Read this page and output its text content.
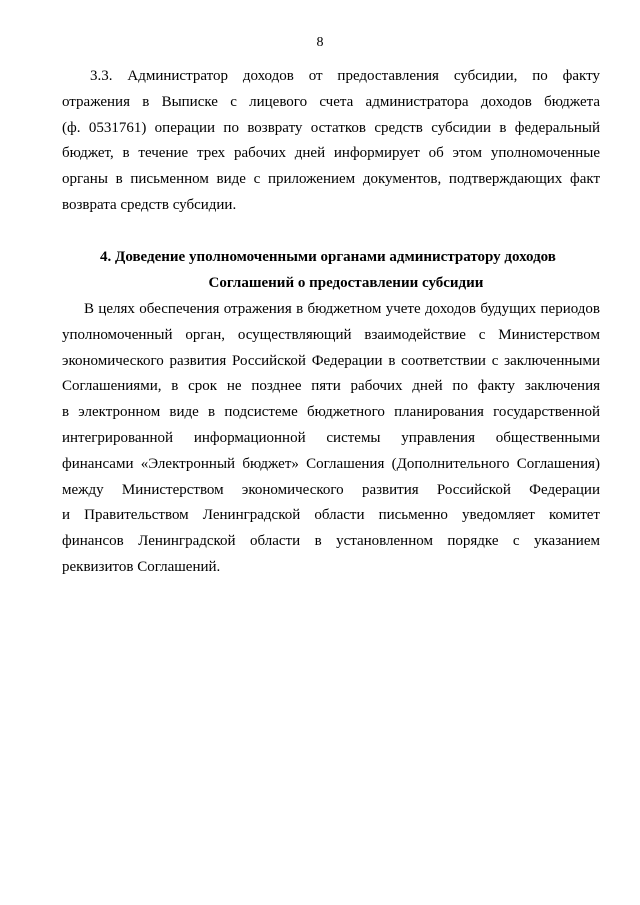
8
3.3. Администратор доходов от предоставления субсидии, по факту
отражения в Выписке с лицевого счета администратора доходов бюджета
(ф. 0531761) операции по возврату остатков средств субсидии в федеральный
бюджет, в течение трех рабочих дней информирует об этом уполномоченные
органы в письменном виде с приложением документов, подтверждающих факт
возврата средств субсидии.
4. Доведение уполномоченными органами администратору доходов
Соглашений о предоставлении субсидии
В целях обеспечения отражения в бюджетном учете доходов будущих периодов
уполномоченный орган, осуществляющий взаимодействие с Министерством
экономического развития Российской Федерации в соответствии с заключенными
Соглашениями, в срок не позднее пяти рабочих дней по факту заключения
в электронном виде в подсистеме бюджетного планирования государственной
интегрированной информационной системы управления общественными
финансами «Электронный бюджет» Соглашения (Дополнительного Соглашения)
между Министерством экономического развития Российской Федерации
и Правительством Ленинградской области письменно уведомляет комитет
финансов Ленинградской области в установленном порядке с указанием
реквизитов Соглашений.
